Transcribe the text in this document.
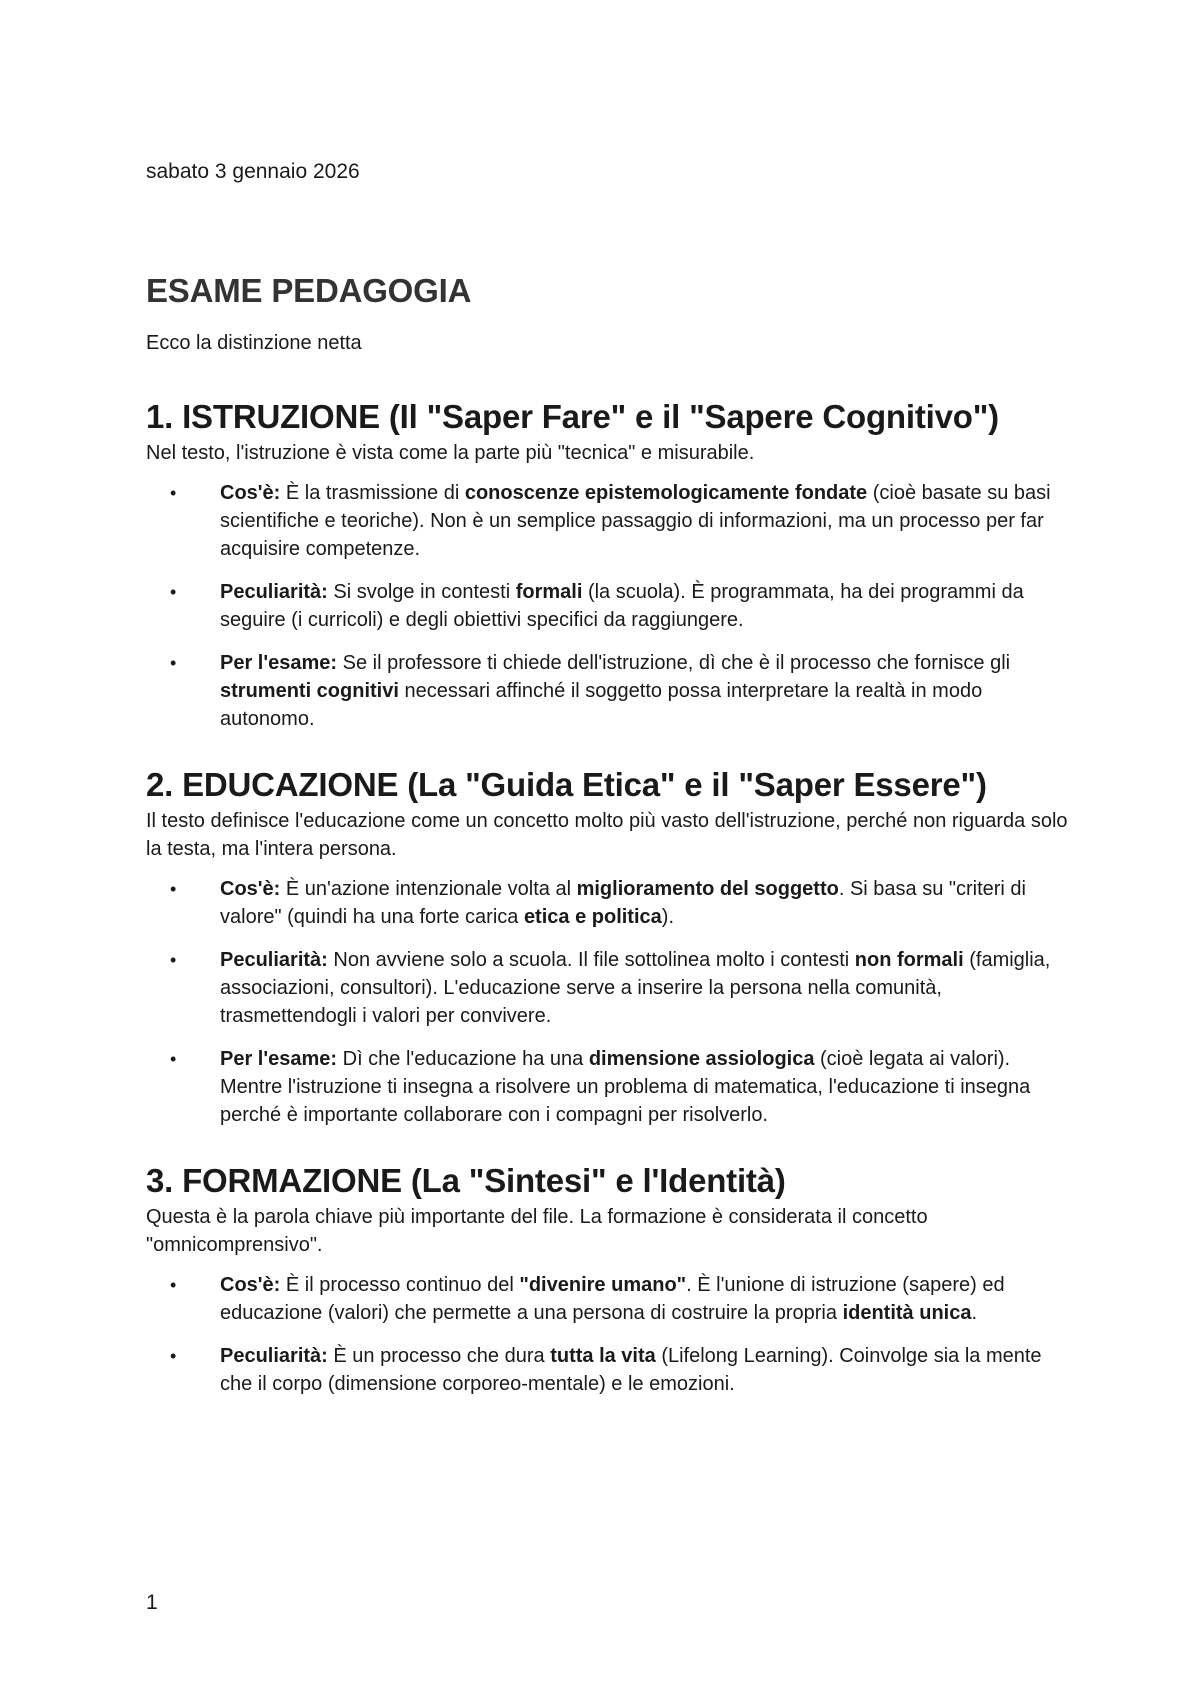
sabato 3 gennaio 2026

ESAME PEDAGOGIA

Ecco la distinzione netta

1. ISTRUZIONE (Il "Saper Fare" e il "Sapere Cognitivo")

Nel testo, l'istruzione è vista come la parte più "tecnica" e misurabile.

• Cos'è: È la trasmissione di conoscenze epistemologicamente fondate (cioè basate su basi scientifiche e teoriche). Non è un semplice passaggio di informazioni, ma un processo per far acquisire competenze.
• Peculiarità: Si svolge in contesti formali (la scuola). È programmata, ha dei programmi da seguire (i curricoli) e degli obiettivi specifici da raggiungere.
• Per l'esame: Se il professore ti chiede dell'istruzione, dì che è il processo che fornisce gli strumenti cognitivi necessari affinché il soggetto possa interpretare la realtà in modo autonomo.
2. EDUCAZIONE (La "Guida Etica" e il "Saper Essere")

Il testo definisce l'educazione come un concetto molto più vasto dell'istruzione, perché non riguarda solo la testa, ma l'intera persona.

• Cos'è: È un'azione intenzionale volta al miglioramento del soggetto. Si basa su "criteri di valore" (quindi ha una forte carica etica e politica).
• Peculiarità: Non avviene solo a scuola. Il file sottolinea molto i contesti non formali (famiglia, associazioni, consultori). L'educazione serve a inserire la persona nella comunità, trasmettendogli i valori per convivere.
• Per l'esame: Dì che l'educazione ha una dimensione assiologica (cioè legata ai valori). Mentre l'istruzione ti insegna a risolvere un problema di matematica, l'educazione ti insegna perché è importante collaborare con i compagni per risolverlo.
3. FORMAZIONE (La "Sintesi" e l'Identità)

Questa è la parola chiave più importante del file. La formazione è considerata il concetto "omnicomprensivo".

• Cos'è: È il processo continuo del "divenire umano". È l'unione di istruzione (sapere) ed educazione (valori) che permette a una persona di costruire la propria identità unica.
• Peculiarità: È un processo che dura tutta la vita (Lifelong Learning). Coinvolge sia la mente che il corpo (dimensione corporeo-mentale) e le emozioni.
1
